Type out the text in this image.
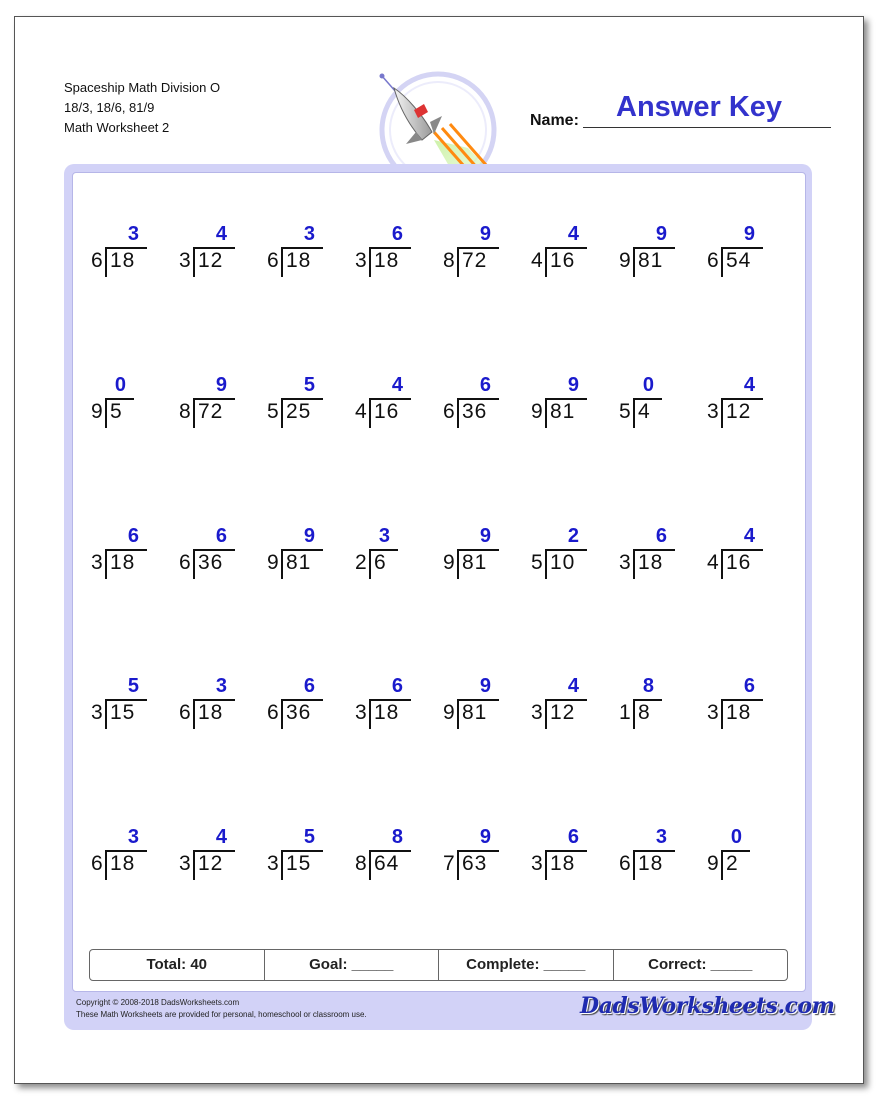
Spaceship Math Division O
18/3, 18/6, 81/9
Math Worksheet 2	Name: Answer Key
3
6 18
4
3 12
3
6 18
6
3 18
9
8 72
4
4 16
9
9 81
9
6 54
0
9 5
9
8 72
5
5 25
4
4 16
6
6 36
9
9 81
0
5 4
4
3 12
6
3 18
6
6 36
9
9 81
3
2 6
9
9 81
2
5 10
6
3 18
4
4 16
5
3 15
3
6 18
6
6 36
6
3 18
9
9 81
4
3 12
8
1 8
6
3 18
3
6 18
4
3 12
5
3 15
8
8 64
9
7 63
6
3 18
3
6 18
0
9 2
Total: 40	Goal: _____	Complete: _____	Correct: _____
Copyright © 2008-2018 DadsWorksheets.com
These Math Worksheets are provided for personal, homeschool or classroom use.	DadsWorksheets.com
